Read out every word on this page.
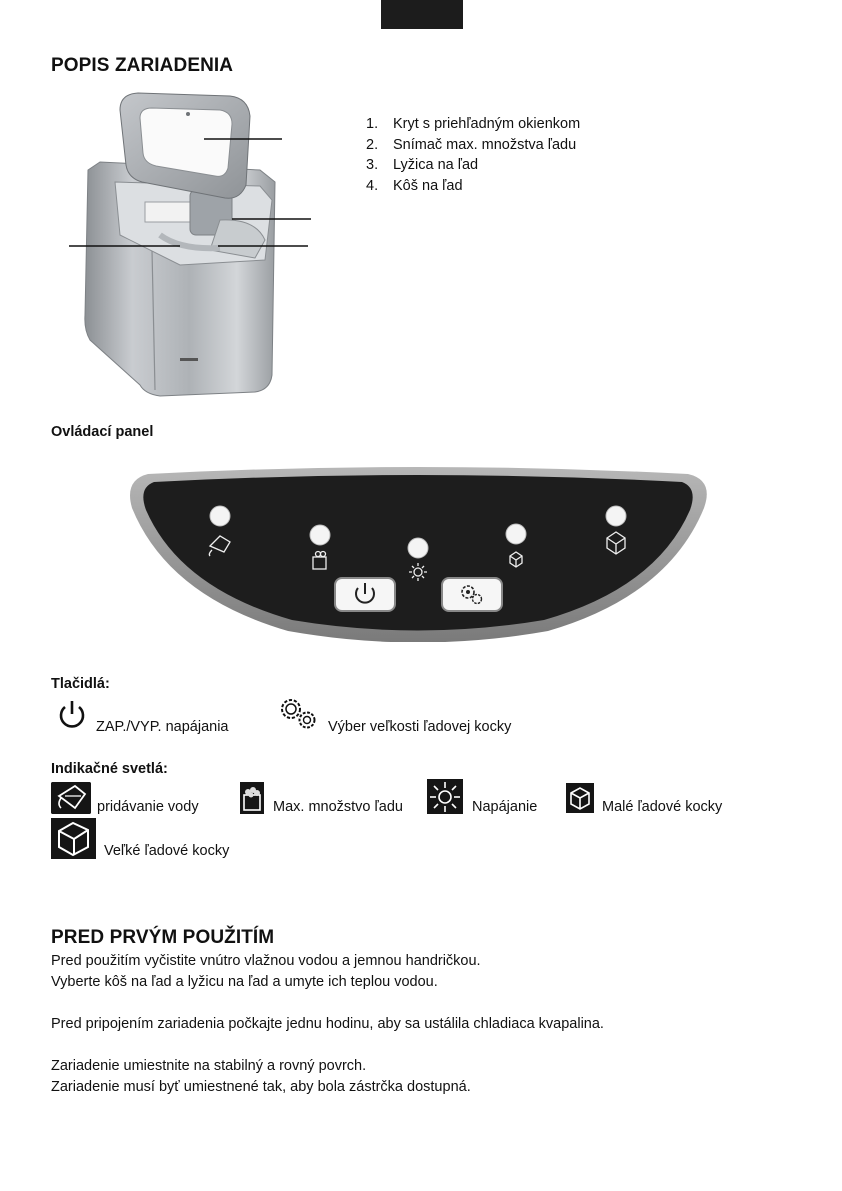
POPIS ZARIADENIA
1. Kryt s priehľadným okienkom
2. Snímač max. množstva ľadu
3. Lyžica na ľad
4. Kôš na ľad
Ovládací panel
Tlačidlá:
ZAP./VYP. napájania	Výber veľkosti ľadovej kocky
Indikačné svetlá:
pridávanie vody	Max. množstvo ľadu	Napájanie	Malé ľadové kocky
Veľké ľadové kocky
PRED PRVÝM POUŽITÍM

Pred použitím vyčistite vnútro vlažnou vodou a jemnou handričkou.

Vyberte kôš na ľad a lyžicu na ľad a umyte ich teplou vodou.

Pred pripojením zariadenia počkajte jednu hodinu, aby sa ustálila chladiaca kvapalina.

Zariadenie umiestnite na stabilný a rovný povrch.

Zariadenie musí byť umiestnené tak, aby bola zástrčka dostupná.
